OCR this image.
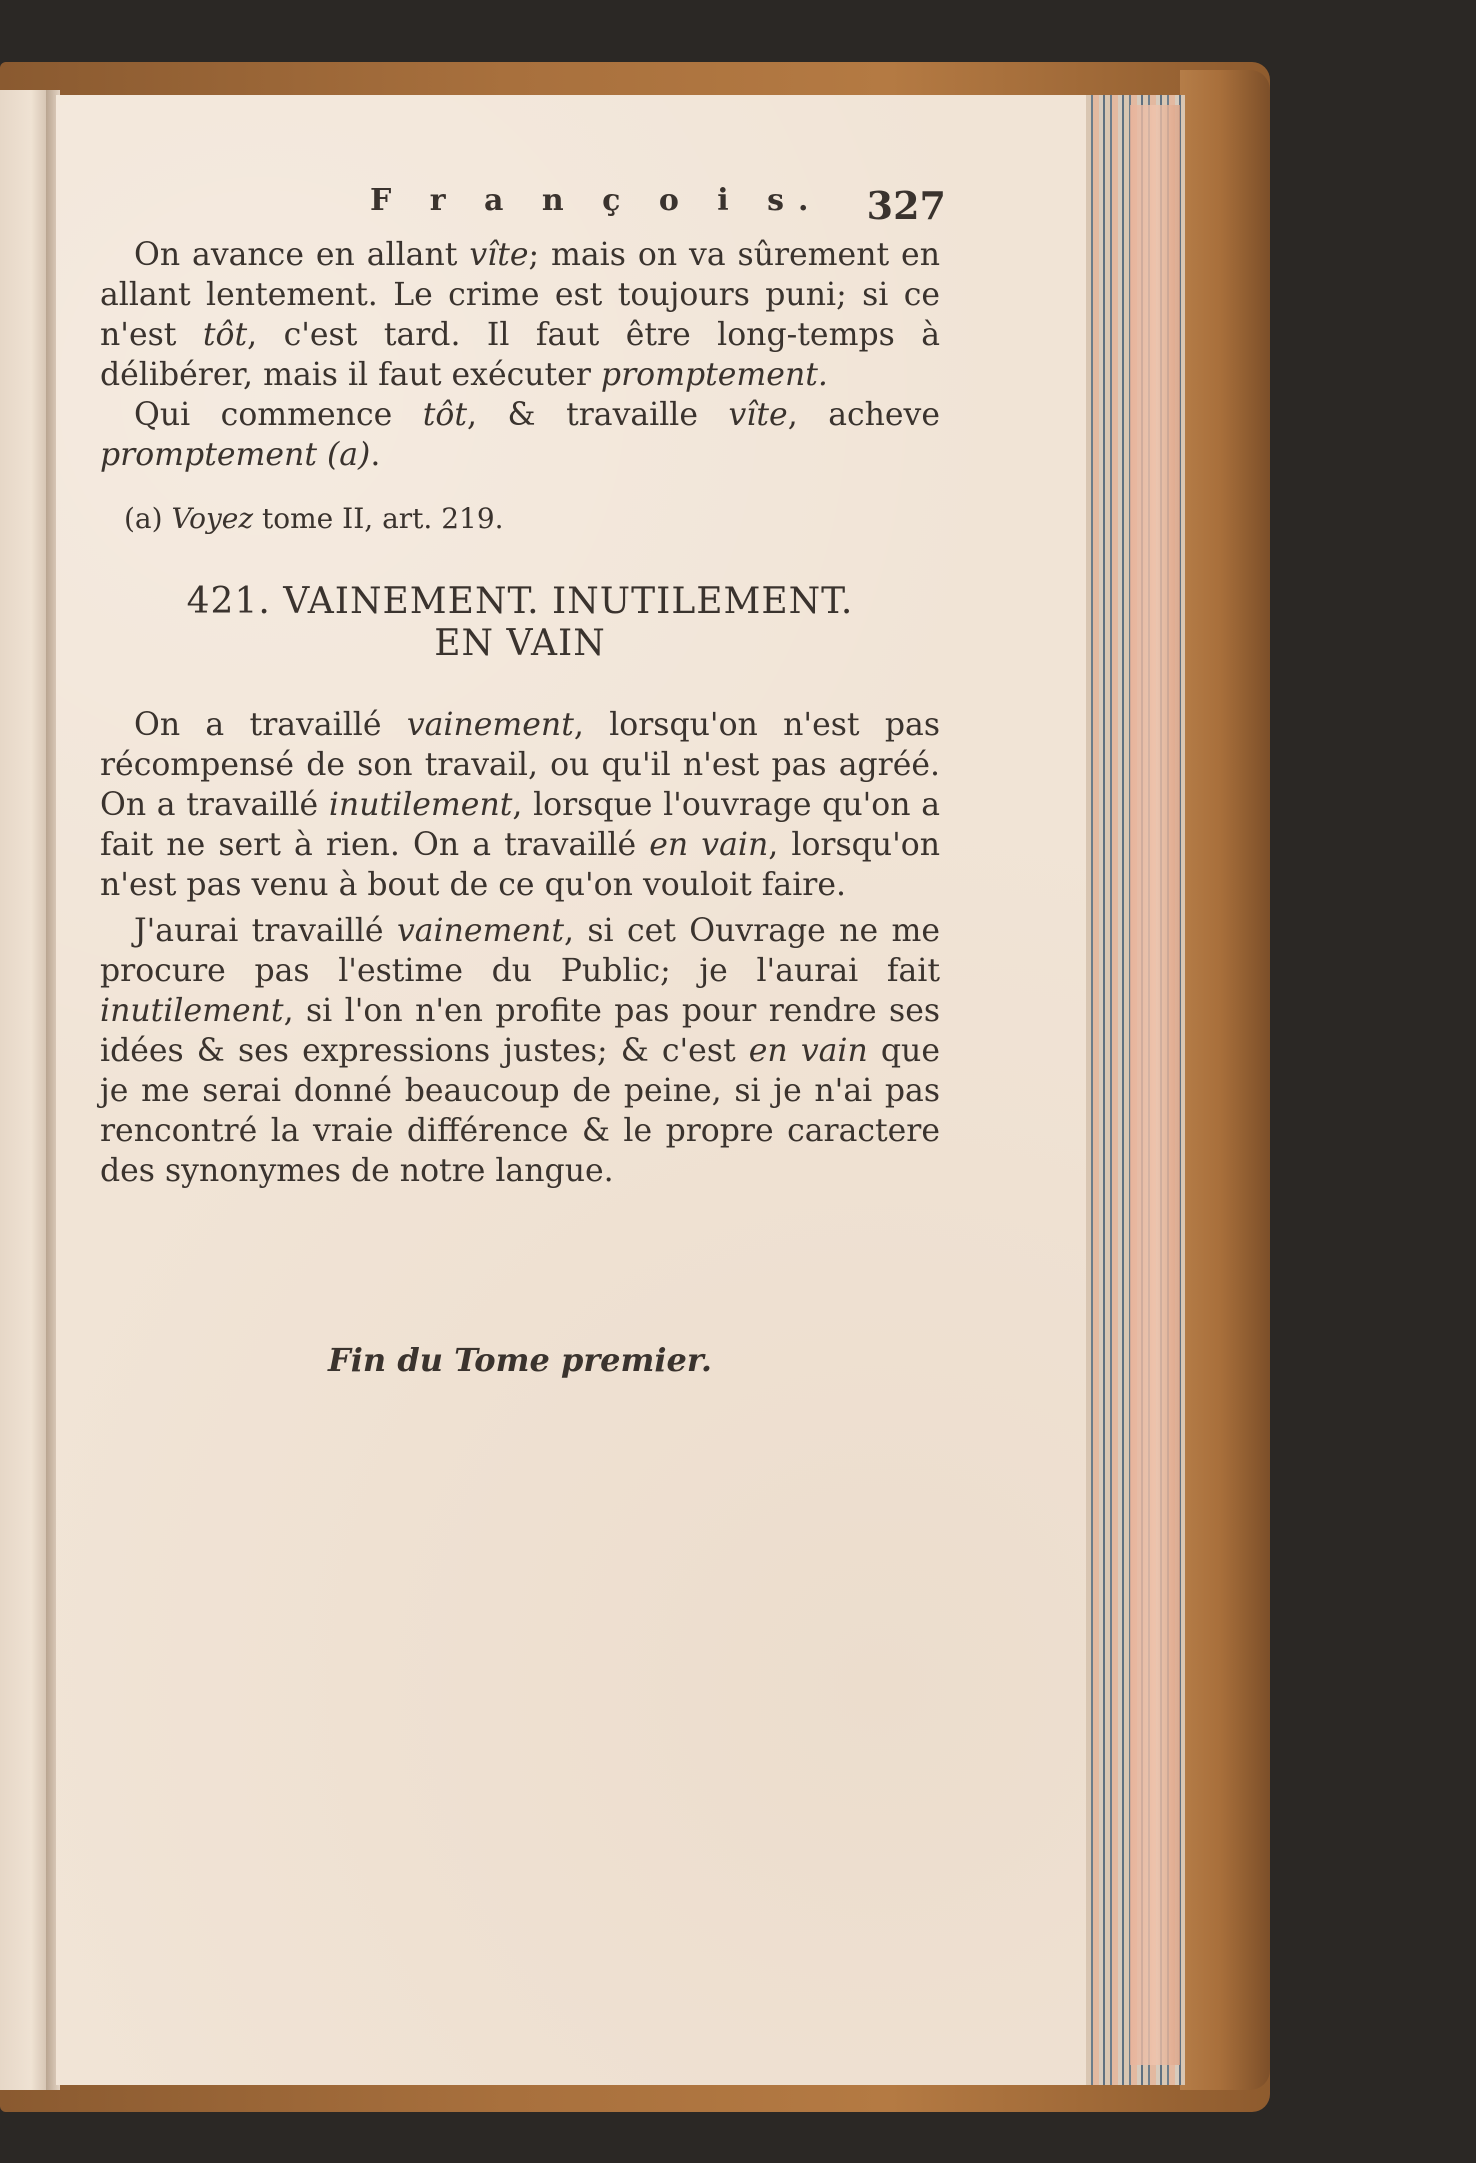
F r a n ç o i s. 327

On avance en allant vîte; mais on va sûrement en allant lentement. Le crime est toujours puni; si ce n'est tôt, c'est tard. Il faut être long-temps à délibérer, mais il faut exécuter promptement.

Qui commence tôt, & travaille vîte, acheve promptement (a).

(a) Voyez tome II, art. 219.

421. VAINEMENT. INUTILEMENT.
EN VAIN

On a travaillé vainement, lorsqu'on n'est pas récompensé de son travail, ou qu'il n'est pas agréé. On a travaillé inutilement, lorsque l'ouvrage qu'on a fait ne sert à rien. On a travaillé en vain, lorsqu'on n'est pas venu à bout de ce qu'on vouloit faire.

J'aurai travaillé vainement, si cet Ouvrage ne me procure pas l'estime du Public; je l'aurai fait inutilement, si l'on n'en profite pas pour rendre ses idées & ses expressions justes; & c'est en vain que je me serai donné beaucoup de peine, si je n'ai pas rencontré la vraie différence & le propre caractere des synonymes de notre langue.

Fin du Tome premier.
